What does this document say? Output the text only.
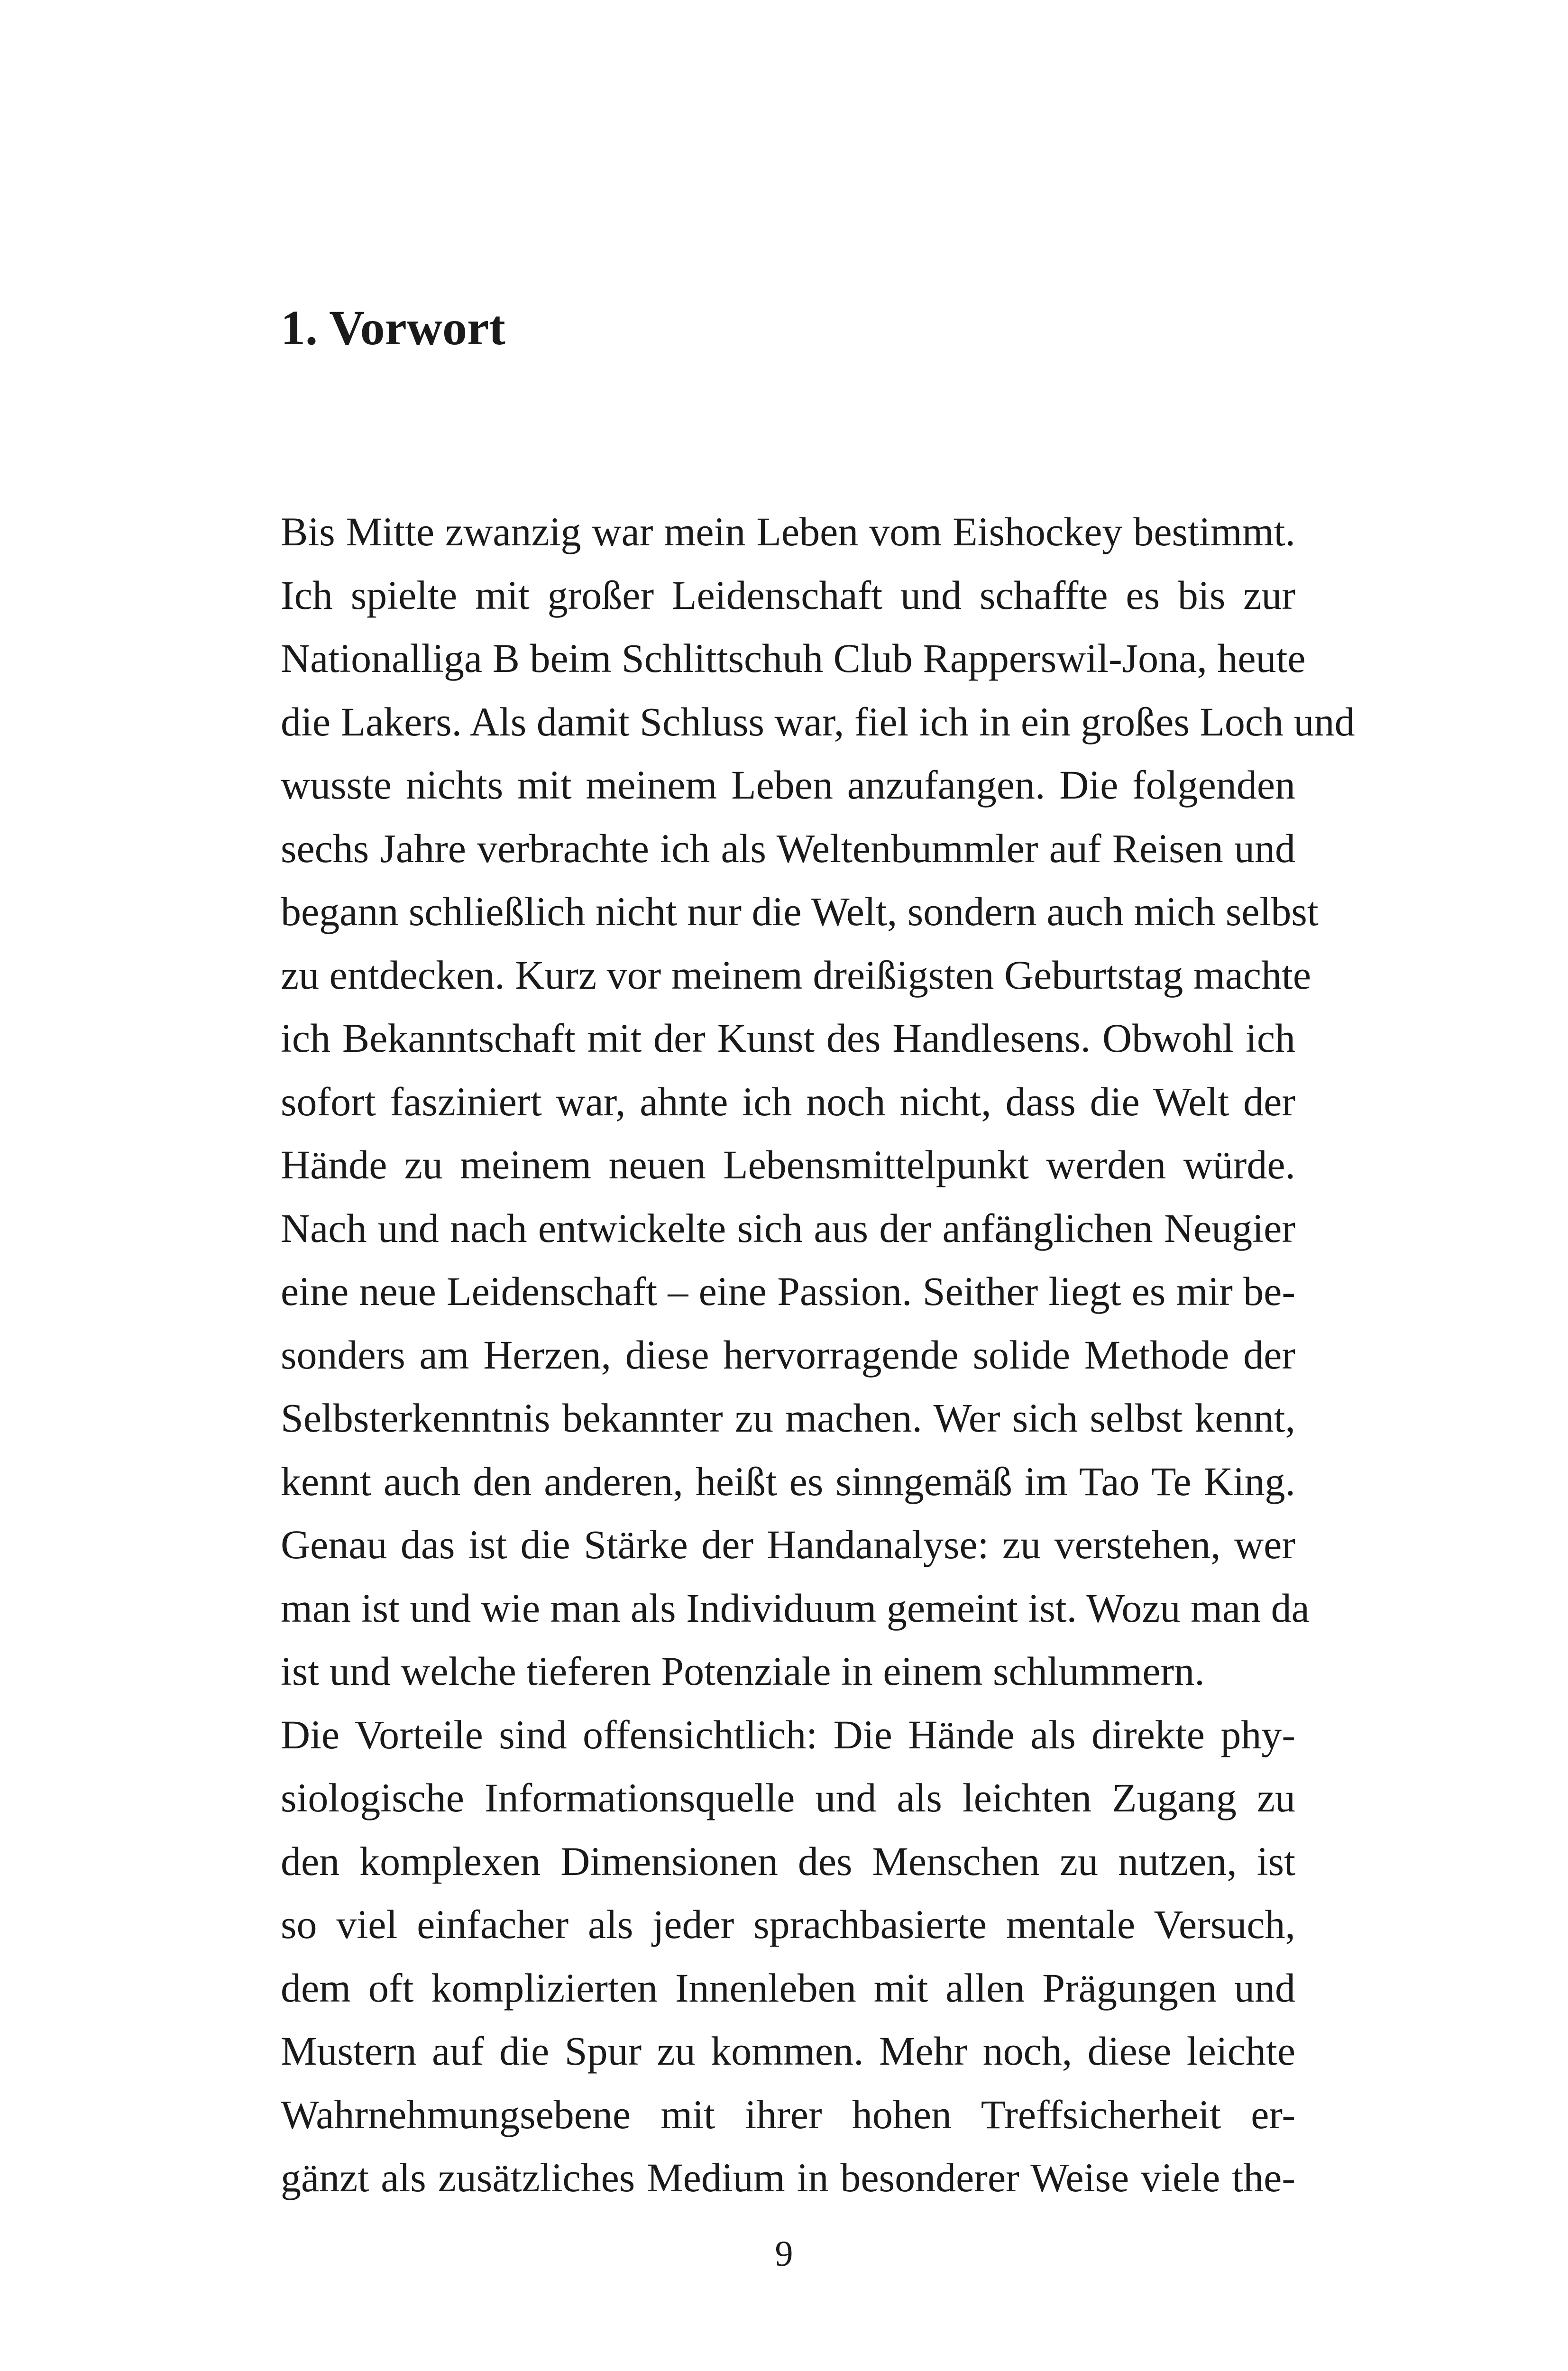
1. Vorwort
Bis Mitte zwanzig war mein Leben vom Eishockey bestimmt.
Ich spielte mit großer Leidenschaft und schaffte es bis zur
Nationalliga B beim Schlittschuh Club Rapperswil-Jona, heute
die Lakers. Als damit Schluss war, fiel ich in ein großes Loch und
wusste nichts mit meinem Leben anzufangen. Die folgenden
sechs Jahre verbrachte ich als Weltenbummler auf Reisen und
begann schließlich nicht nur die Welt, sondern auch mich selbst
zu entdecken. Kurz vor meinem dreißigsten Geburtstag machte
ich Bekanntschaft mit der Kunst des Handlesens. Obwohl ich
sofort fasziniert war, ahnte ich noch nicht, dass die Welt der
Hände zu meinem neuen Lebensmittelpunkt werden würde.
Nach und nach entwickelte sich aus der anfänglichen Neugier
eine neue Leidenschaft – eine Passion. Seither liegt es mir be-
sonders am Herzen, diese hervorragende solide Methode der
Selbsterkenntnis bekannter zu machen. Wer sich selbst kennt,
kennt auch den anderen, heißt es sinngemäß im Tao Te King.
Genau das ist die Stärke der Handanalyse: zu verstehen, wer
man ist und wie man als Individuum gemeint ist. Wozu man da
ist und welche tieferen Potenziale in einem schlummern.
Die Vorteile sind offensichtlich: Die Hände als direkte phy-
siologische Informationsquelle und als leichten Zugang zu
den komplexen Dimensionen des Menschen zu nutzen, ist
so viel einfacher als jeder sprachbasierte mentale Versuch,
dem oft komplizierten Innenleben mit allen Prägungen und
Mustern auf die Spur zu kommen. Mehr noch, diese leichte
Wahrnehmungsebene mit ihrer hohen Treffsicherheit er-
gänzt als zusätzliches Medium in besonderer Weise viele the-
9
